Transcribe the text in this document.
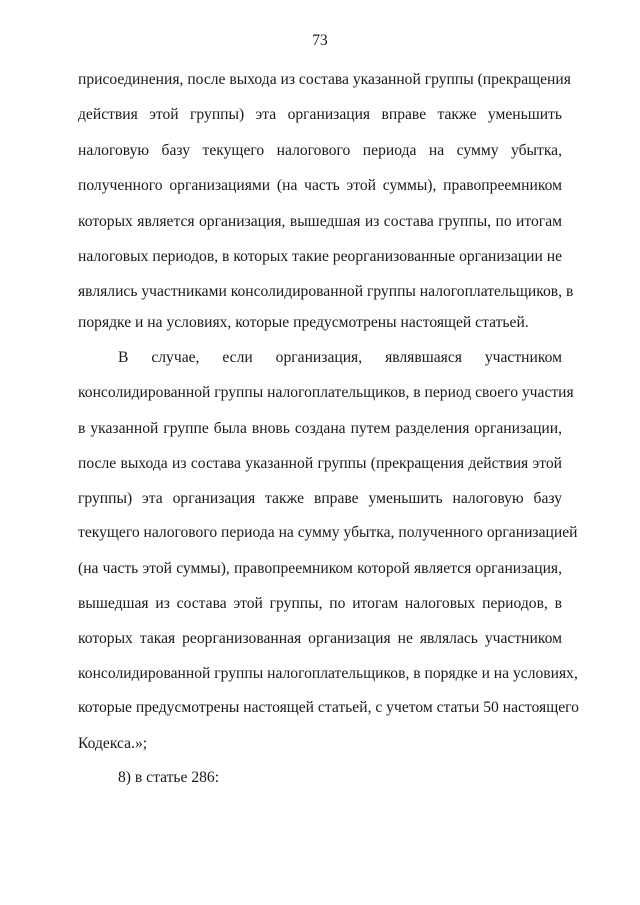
73
присоединения, после выхода из состава указанной группы (прекращения
действия этой группы) эта организация вправе также уменьшить
налоговую базу текущего налогового периода на сумму убытка,
полученного организациями (на часть этой суммы), правопреемником
которых является организация, вышедшая из состава группы, по итогам
налоговых периодов, в которых такие реорганизованные организации не
являлись участниками консолидированной группы налогоплательщиков, в
порядке и на условиях, которые предусмотрены настоящей статьей.
В случае, если организация, являвшаяся участником
консолидированной группы налогоплательщиков, в период своего участия
в указанной группе была вновь создана путем разделения организации,
после выхода из состава указанной группы (прекращения действия этой
группы) эта организация также вправе уменьшить налоговую базу
текущего налогового периода на сумму убытка, полученного организацией
(на часть этой суммы), правопреемником которой является организация,
вышедшая из состава этой группы, по итогам налоговых периодов, в
которых такая реорганизованная организация не являлась участником
консолидированной группы налогоплательщиков, в порядке и на условиях,
которые предусмотрены настоящей статьей, с учетом статьи 50 настоящего
Кодекса.»;
8) в статье 286:
